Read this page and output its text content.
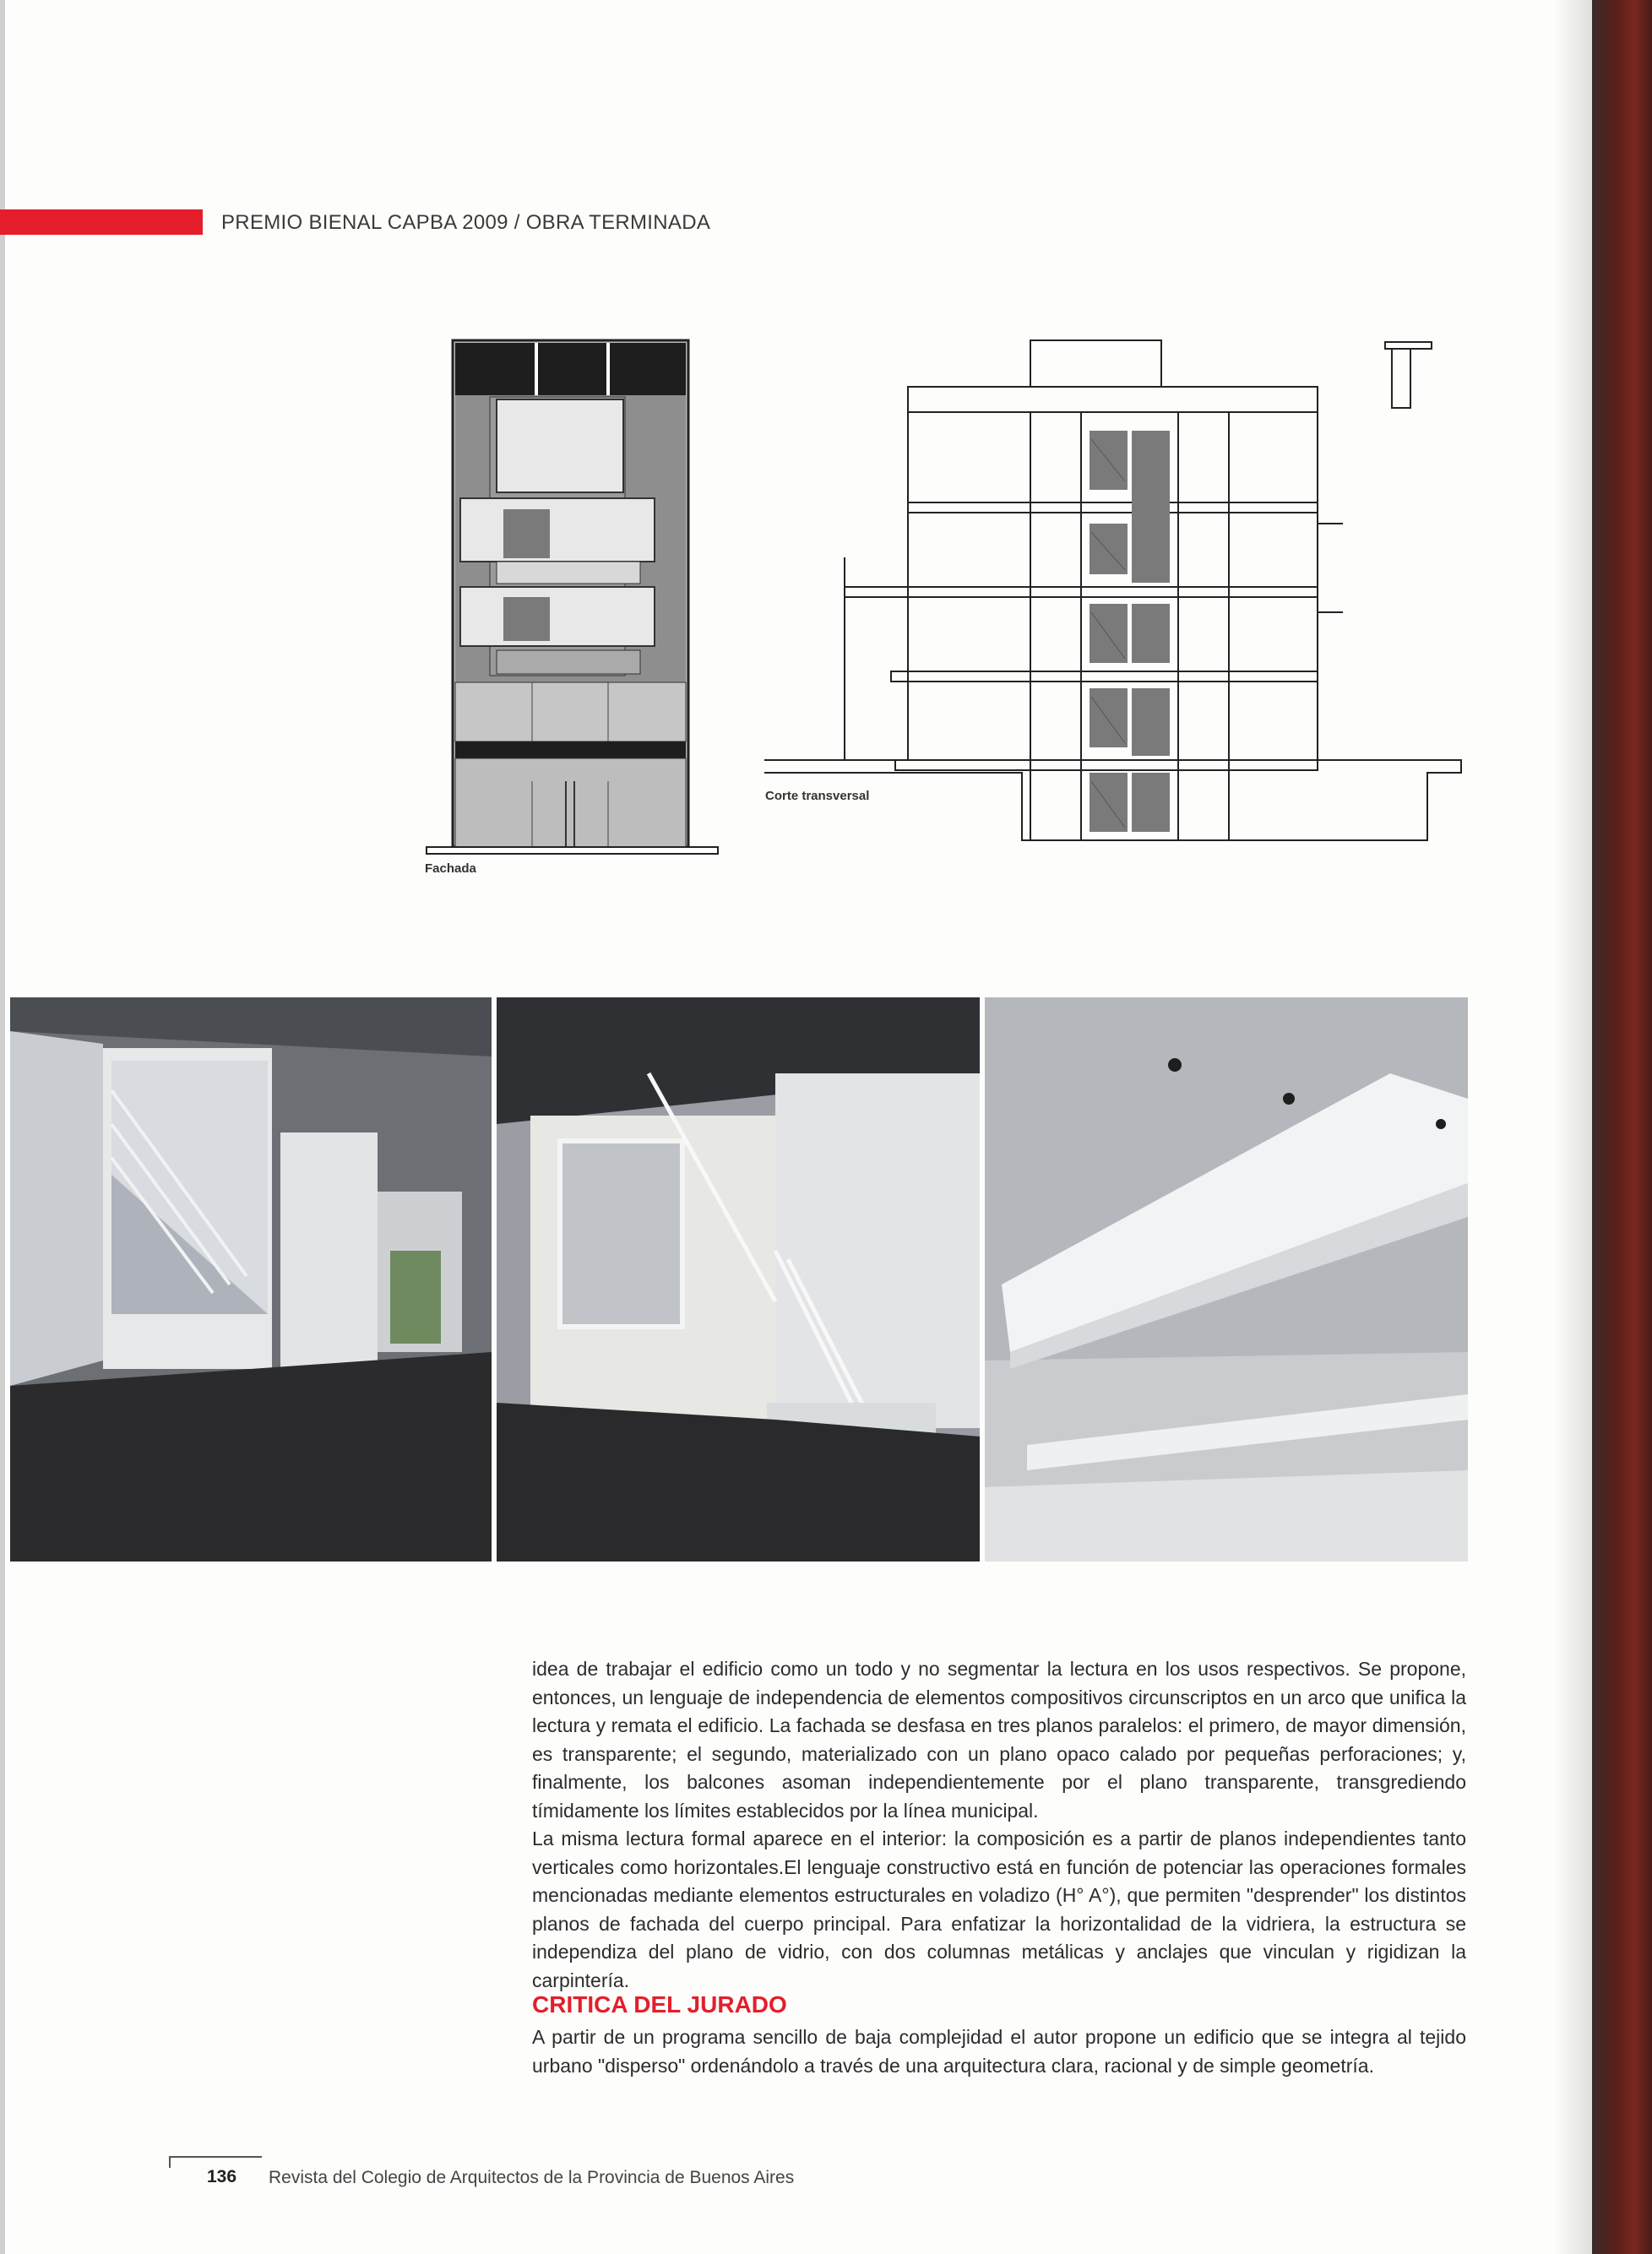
PREMIO BIENAL CAPBA 2009 / OBRA TERMINADA
Fachada
Corte transversal

idea de trabajar el edificio como un todo y no segmentar la lectura en los usos respectivos. Se propone, entonces, un lenguaje de independencia de elementos compositivos circunscriptos en un arco que unifica la lectura y remata el edificio. La fachada se desfasa en tres planos paralelos: el primero, de mayor dimensión, es transparente; el segundo, materializado con un plano opaco calado por pequeñas perforaciones; y, finalmente, los balcones asoman independientemente por el plano transparente, transgrediendo tímidamente los límites establecidos por la línea municipal.

La misma lectura formal aparece en el interior: la composición es a partir de planos independientes tanto verticales como horizontales.El lenguaje constructivo está en función de potenciar las operaciones formales mencionadas mediante elementos estructurales en voladizo (H° A°), que permiten "desprender" los distintos planos de fachada del cuerpo principal. Para enfatizar la horizontalidad de la vidriera, la estructura se independiza del plano de vidrio, con dos columnas metálicas y anclajes que vinculan y rigidizan la carpintería.

CRITICA DEL JURADO
A partir de un programa sencillo de baja complejidad el autor propone un edificio que se integra al tejido urbano "disperso" ordenándolo a través de una arquitectura clara, racional y de simple geometría.
136 Revista del Colegio de Arquitectos de la Provincia de Buenos Aires
